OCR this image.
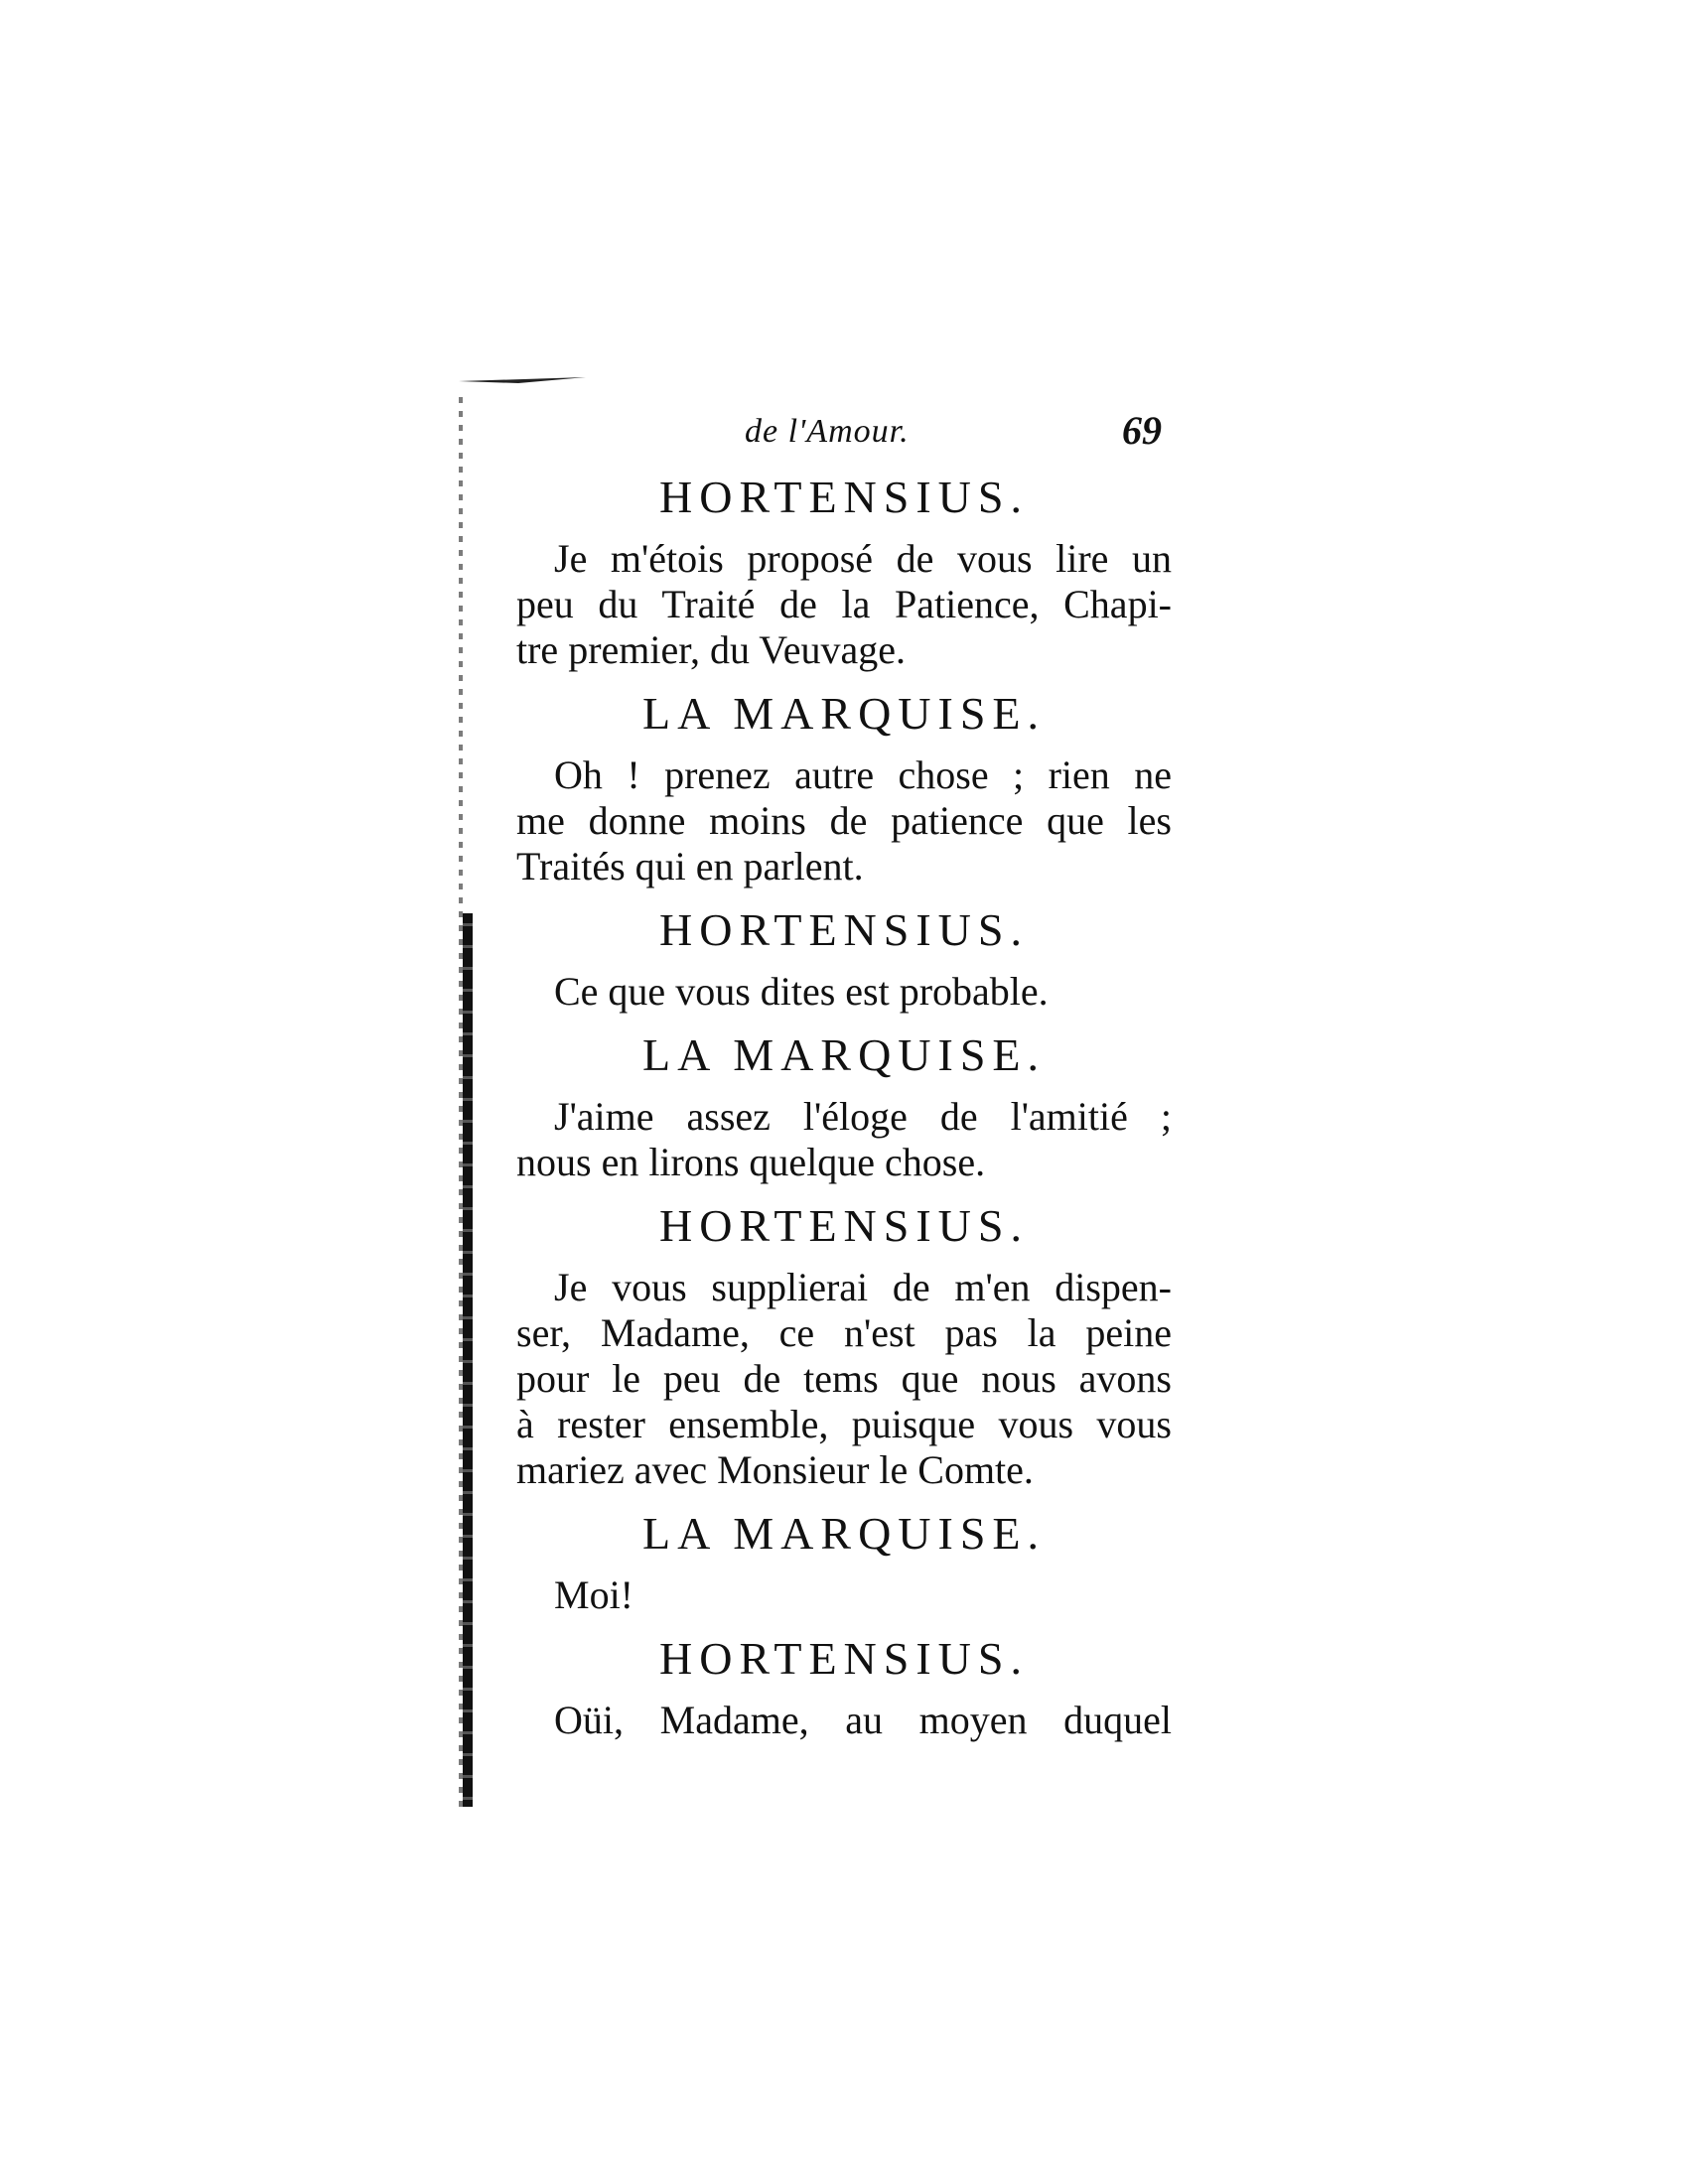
de l'Amour.	69

HORTENSIUS.

Je m'étois proposé de vous lire un
peu du Traité de la Patience, Chapi-
tre premier, du Veuvage.

LA MARQUISE.

Oh ! prenez autre chose ; rien ne
me donne moins de patience que les
Traités qui en parlent.

HORTENSIUS.

Ce que vous dites est probable.

LA MARQUISE.

J'aime assez l'éloge de l'amitié ;
nous en lirons quelque chose.

HORTENSIUS.

Je vous supplierai de m'en dispen-
ser, Madame, ce n'est pas la peine
pour le peu de tems que nous avons
à rester ensemble, puisque vous vous
mariez avec Monsieur le Comte.

LA MARQUISE.

Moi!

HORTENSIUS.

Oüi, Madame, au moyen duquel
